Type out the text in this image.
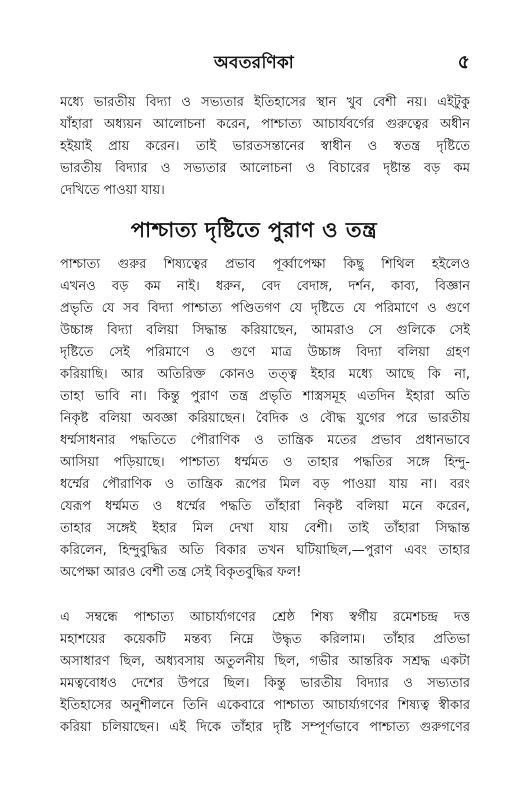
অবতরণিকা	৫
মধ্যে ভারতীয় বিদ্যা ও সভ্যতার ইতিহাসের স্থান খুব বেশী নয়। এইটুকু
যাঁহারা অধ্যয়ন আলোচনা করেন, পাশ্চাত্য আচার্যবর্গের গুরুত্বের অধীন
হইয়াই প্রায় করেন। তাই ভারতসন্তানের স্বাধীন ও স্বতন্ত্র দৃষ্টিতে
ভারতীয় বিদ্যার ও সভ্যতার আলোচনা ও বিচারের দৃষ্টান্ত বড় কম
দেখিতে পাওয়া যায়।
পাশ্চাত্য দৃষ্টিতে পুরাণ ও তন্ত্র
পাশ্চাত্য গুরুর শিষ্যত্বের প্রভাব পূর্ব্বাপেক্ষা কিছু শিথিল হইলেও
এখনও বড় কম নাই। ধরুন, বেদ বেদাঙ্গ, দর্শন, কাব্য, বিজ্ঞান
প্রভৃতি যে সব বিদ্যা পাশ্চাত্য পণ্ডিতগণ যে দৃষ্টিতে যে পরিমাণে ও গুণে
উচ্চাঙ্গ বিদ্যা বলিয়া সিদ্ধান্ত করিয়াছেন, আমরাও সে গুলিকে সেই
দৃষ্টিতে সেই পরিমাণে ও গুণে মাত্র উচ্চাঙ্গ বিদ্যা বলিয়া গ্রহণ
করিয়াছি। আর অতিরিক্ত কোনও তত্ত্ব ইহার মধ্যে আছে কি না,
তাহা ভাবি না। কিন্তু পুরাণ তন্ত্র প্রভৃতি শাস্ত্রসমূহ এতদিন ইহারা অতি
নিকৃষ্ট বলিয়া অবজ্ঞা করিয়াছেন। বৈদিক ও বৌদ্ধ যুগের পরে ভারতীয়
ধর্ম্মসাধনার পদ্ধতিতে পৌরাণিক ও তান্ত্রিক মতের প্রভাব প্রধানভাবে
আসিয়া পড়িয়াছে। পাশ্চাত্য ধর্ম্মমত ও তাহার পদ্ধতির সঙ্গে হিন্দু-
ধর্ম্মের পৌরাণিক ও তান্ত্রিক রূপের মিল বড় পাওয়া যায় না। বরং
যেরূপ ধর্ম্মমত ও ধর্ম্মের পদ্ধতি তাঁহারা নিকৃষ্ট বলিয়া মনে করেন,
তাহার সঙ্গেই ইহার মিল দেখা যায় বেশী। তাই তাঁহারা সিদ্ধান্ত
করিলেন, হিন্দুবুদ্ধির অতি বিকার তখন ঘটিয়াছিল,—পুরাণ এবং তাহার
অপেক্ষা আরও বেশী তন্ত্র সেই বিকৃতবুদ্ধির ফল!
এ সম্বন্ধে পাশ্চাত্য আচার্য্যগণের শ্রেষ্ঠ শিষ্য স্বর্গীয় রমেশচন্দ্র দত্ত
মহাশয়ের কয়েকটি মন্তব্য নিম্নে উদ্ধৃত করিলাম। তাঁহার প্রতিভা
অসাধারণ ছিল, অধ্যবসায় অতুলনীয় ছিল, গভীর আন্তরিক সশ্রদ্ধ একটা
মমত্ববোধও দেশের উপরে ছিল। কিন্তু ভারতীয় বিদ্যার ও সভ্যতার
ইতিহাসের অনুশীলনে তিনি একেবারে পাশ্চাত্য আচার্য্যগণের শিষ্যত্ব স্বীকার
করিয়া চলিয়াছেন। এই দিকে তাঁহার দৃষ্টি সম্পূর্ণভাবে পাশ্চাত্য গুরুগণের
